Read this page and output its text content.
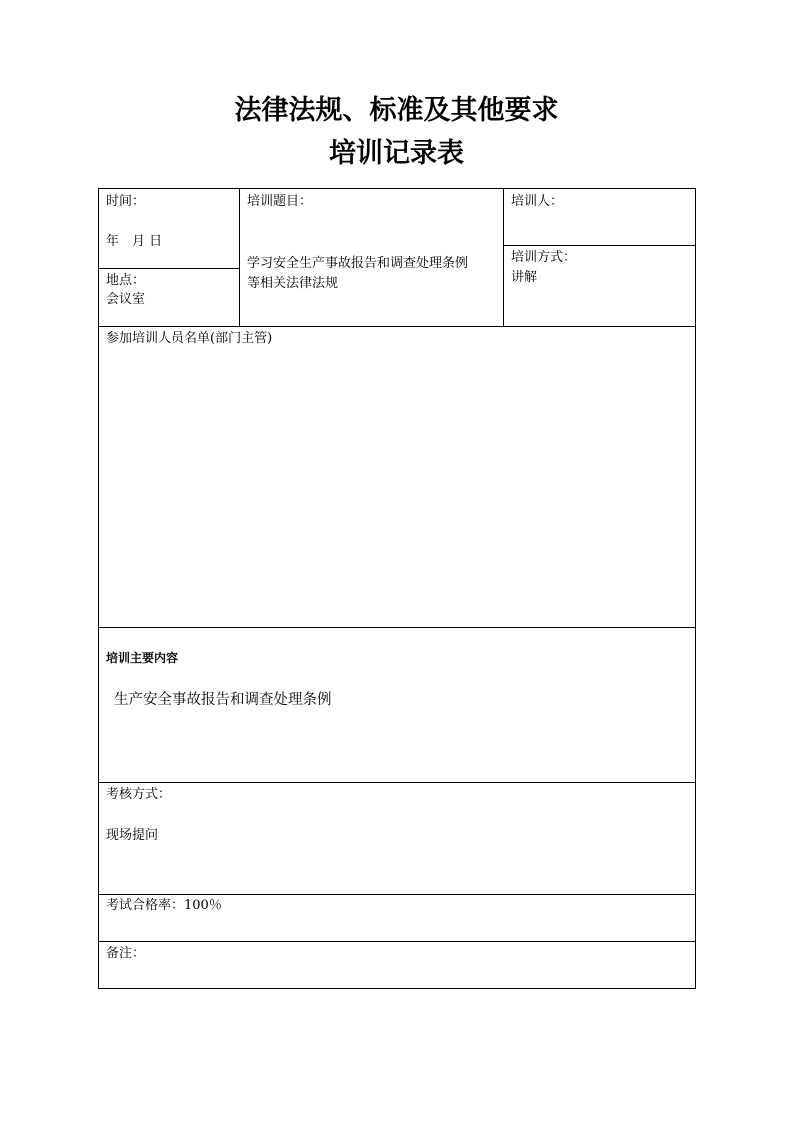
法律法规、标准及其他要求
培训记录表
时间：
年　月 日
地点：
会议室
培训题目：
学习安全生产事故报告和调查处理条例
等相关法律法规
培训人：
培训方式：
讲解
参加培训人员名单(部门主管)
培训主要内容
生产安全事故报告和调查处理条例
考核方式：
现场提问
考试合格率：100％
备注：
